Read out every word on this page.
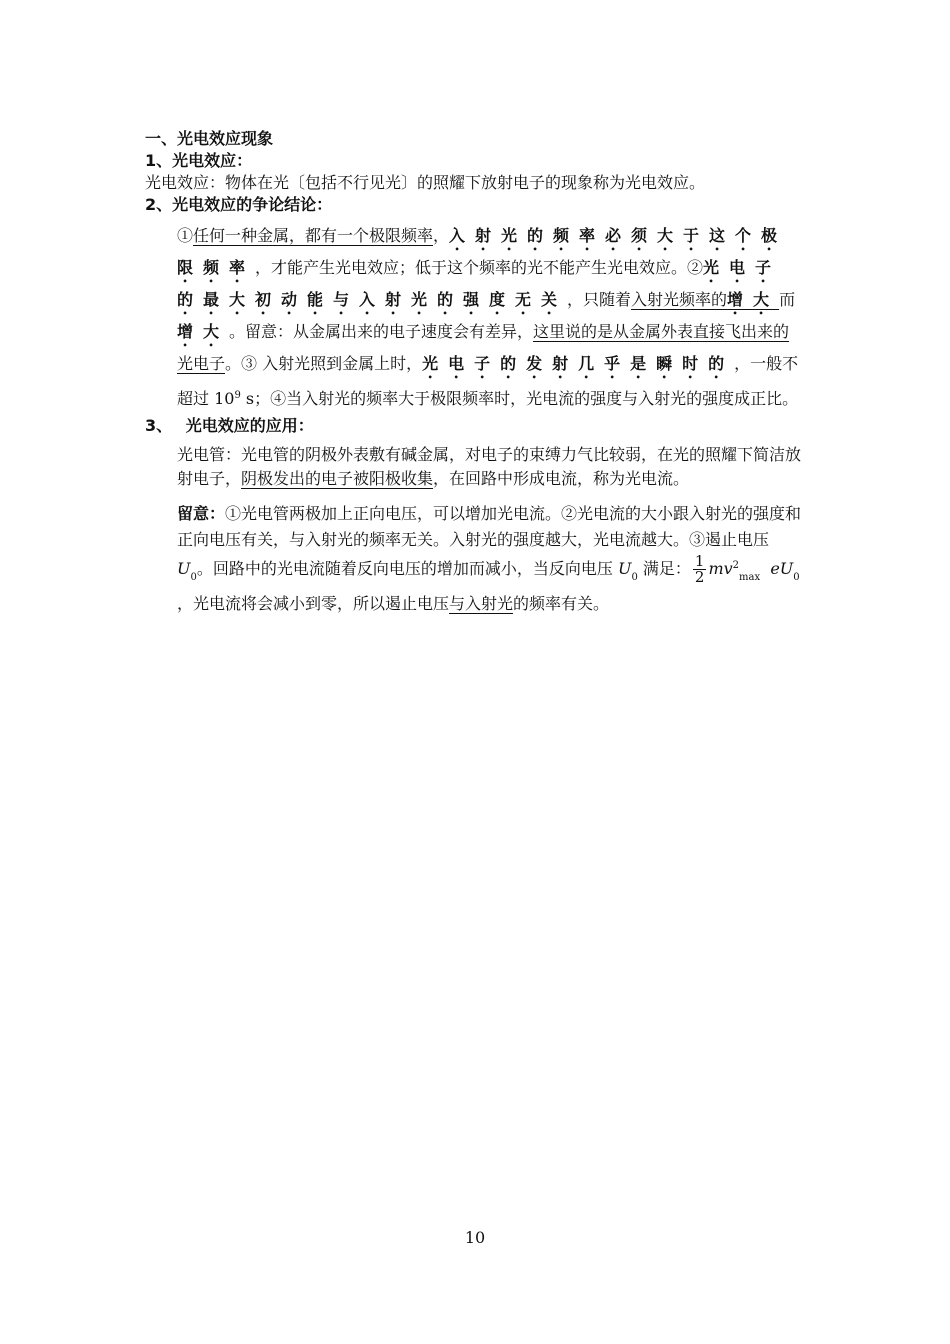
一、光电效应现象

1、光电效应：

光电效应：物体在光〔包括不行见光〕的照耀下放射电子的现象称为光电效应。

2、光电效应的争论结论：

①任何一种金属，都有一个极限频率，入射光的频率必须大于这个极限频率，才能产生光电效应；低于这个频率的光不能产生光电效应。②光电子的最大初动能与入射光的强度无关，只随着入射光频率的增大而增大。留意：从金属出来的电子速度会有差异，这里说的是从金属外表直接飞出来的光电子。③ 入射光照到金属上时，光电子的发射几乎是瞬时的，一般不超过 $10^9$ s；④当入射光的频率大于极限频率时，光电流的强度与入射光的强度成正比。

3、　 光电效应的应用：

光电管：光电管的阴极外表敷有碱金属，对电子的束缚力气比较弱，在光的照耀下简洁放射电子，阴极发出的电子被阳极收集，在回路中形成电流，称为光电流。

留意：①光电管两极加上正向电压，可以增加光电流。②光电流的大小跟入射光的强度和正向电压有关，与入射光的频率无关。入射光的强度越大，光电流越大。③遏止电压 $U_0$。回路中的光电流随着反向电压的增加而减小，当反向电压 $U_0$ 满足： $\frac{1}{2} mv^2_{max}$ $eU_0$ ，光电流将会减小到零，所以遏止电压与入射光的频率有关。

10
